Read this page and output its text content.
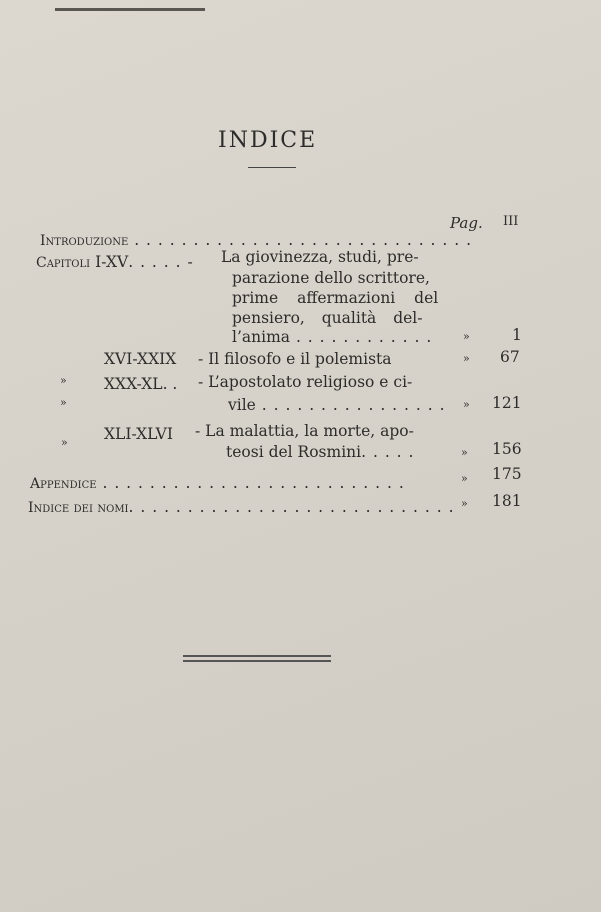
INDICE
Pag. III
Introduzione . . . . . . . . . . . . . . . . . . . . . . . . . . . . .
Capitoli I-XV. . . . . - La giovinezza, studi, pre-
parazione dello scrittore,
prime affermazioni del
pensiero, qualità del-
l’anima . . . . . . . . . . . .	»	1
»
XVI-XXIX - Il filosofo e il polemista	» 67
»
XXX-XL. . - L’apostolato religioso e ci-
vile . . . . . . . . . . . . . . . . » 121
» XLI-XLVI - La malattia, la morte, apo-
teosi del Rosmini. . . . .	» 156
Appendice . . . . . . . . . . . . . . . . . . . . . . . . . .	» 175
Indice dei nomi. . . . . . . . . . . . . . . . . . . . . . . . . . . . » 181
